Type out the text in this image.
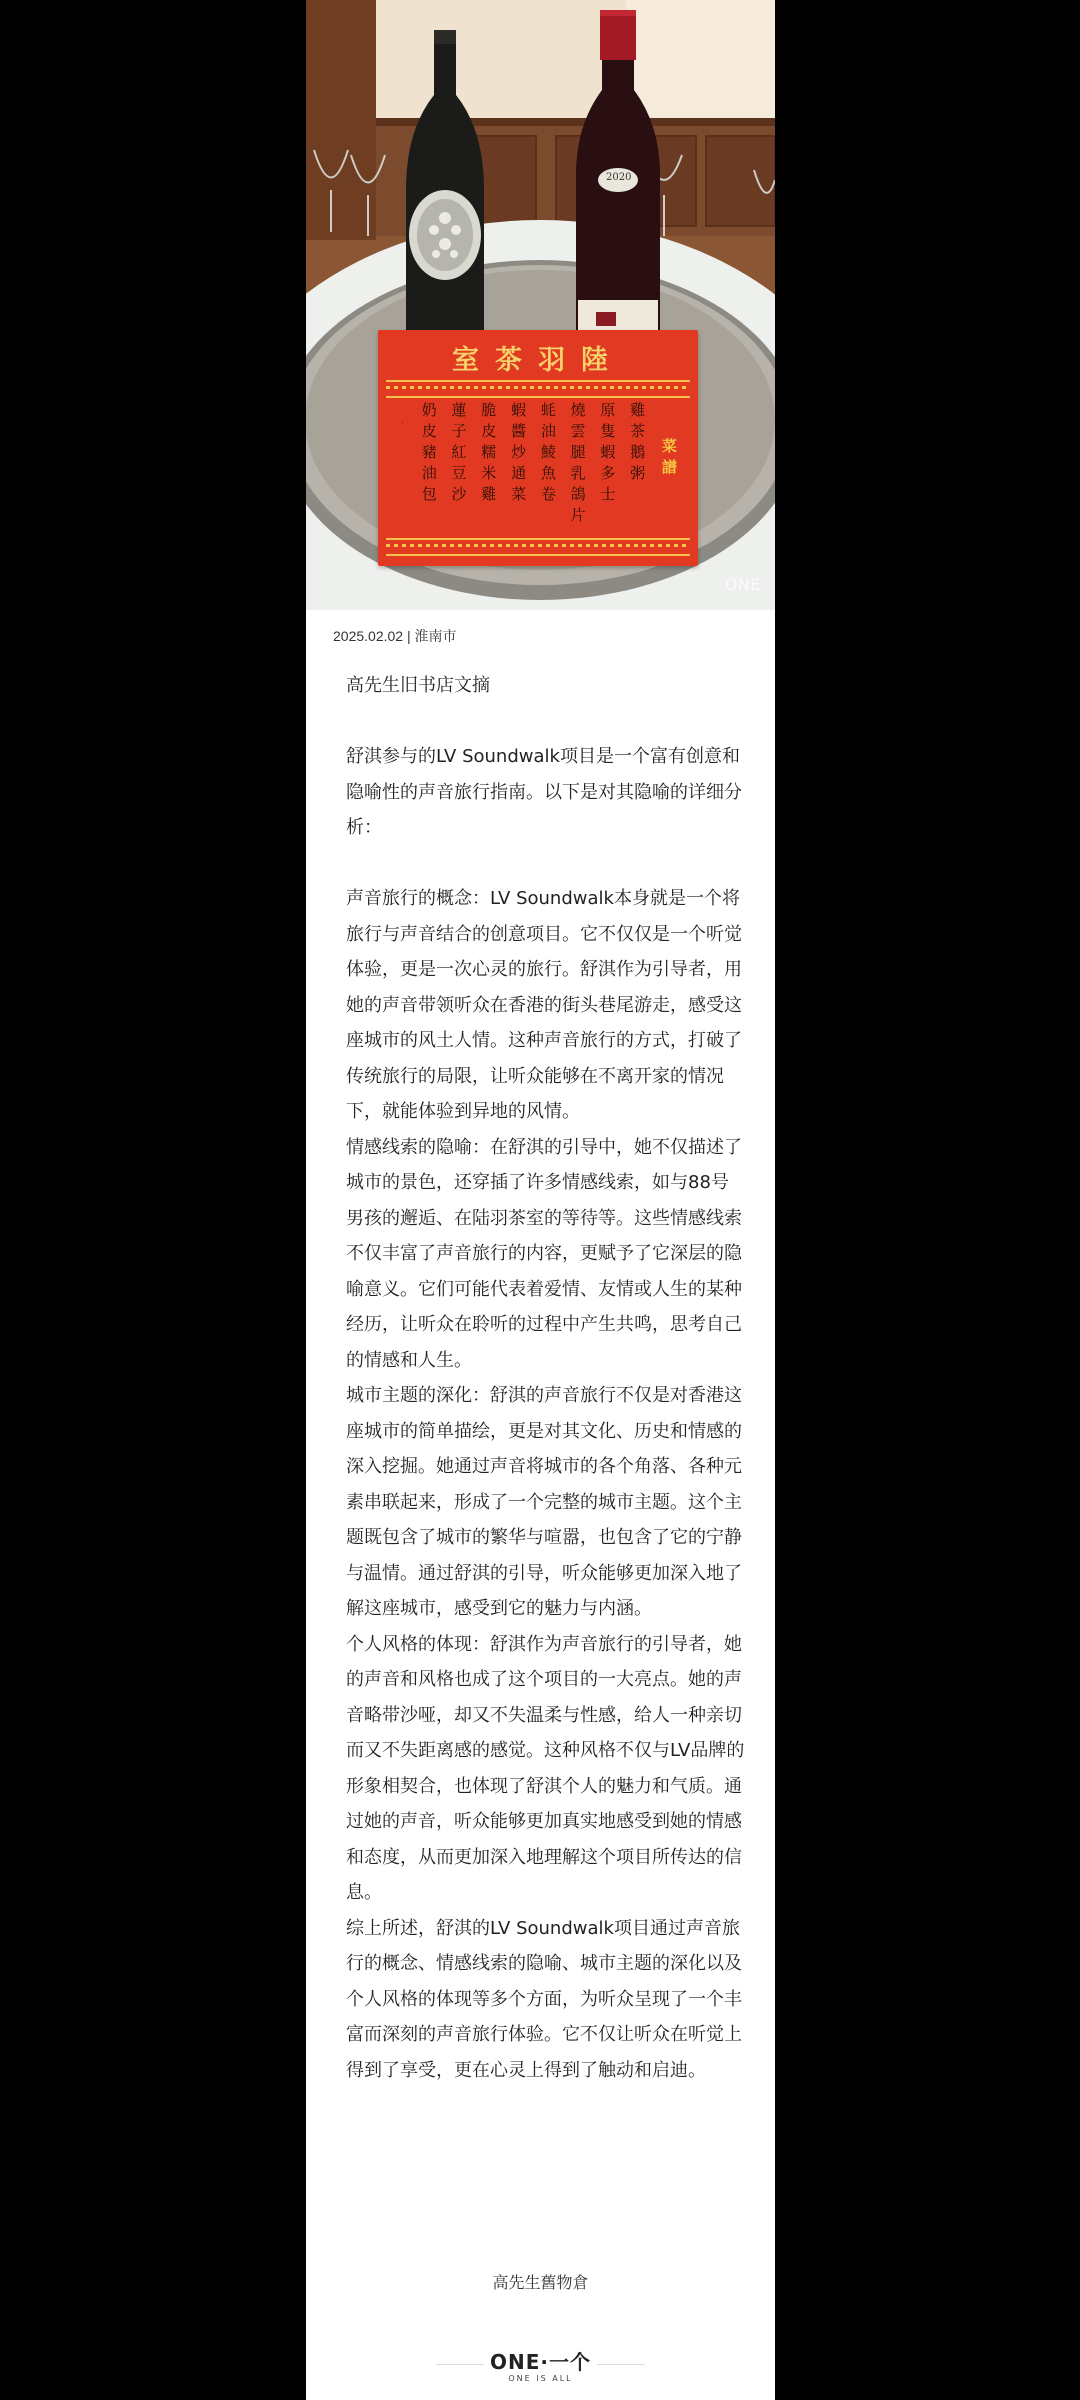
2020
陸羽茶室
菜譜
雞茶鵝粥
原隻蝦多士
燒雲腿乳鴿片
蚝油鯪魚卷
蝦醬炒通菜
脆皮糯米雞
蓮子紅豆沙
奶皮豬油包
·
ONE
2025.02.02 | 淮南市

高先生旧书店文摘

舒淇参与的LV Soundwalk项目是一个富有创意和隐喻性的声音旅行指南。以下是对其隐喻的详细分析：

声音旅行的概念：LV Soundwalk本身就是一个将旅行与声音结合的创意项目。它不仅仅是一个听觉体验，更是一次心灵的旅行。舒淇作为引导者，用她的声音带领听众在香港的街头巷尾游走，感受这座城市的风土人情。这种声音旅行的方式，打破了传统旅行的局限，让听众能够在不离开家的情况下，就能体验到异地的风情。

情感线索的隐喻：在舒淇的引导中，她不仅描述了城市的景色，还穿插了许多情感线索，如与88号男孩的邂逅、在陆羽茶室的等待等。这些情感线索不仅丰富了声音旅行的内容，更赋予了它深层的隐喻意义。它们可能代表着爱情、友情或人生的某种经历，让听众在聆听的过程中产生共鸣，思考自己的情感和人生。

城市主题的深化：舒淇的声音旅行不仅是对香港这座城市的简单描绘，更是对其文化、历史和情感的深入挖掘。她通过声音将城市的各个角落、各种元素串联起来，形成了一个完整的城市主题。这个主题既包含了城市的繁华与喧嚣，也包含了它的宁静与温情。通过舒淇的引导，听众能够更加深入地了解这座城市，感受到它的魅力与内涵。

个人风格的体现：舒淇作为声音旅行的引导者，她的声音和风格也成了这个项目的一大亮点。她的声音略带沙哑，却又不失温柔与性感，给人一种亲切而又不失距离感的感觉。这种风格不仅与LV品牌的形象相契合，也体现了舒淇个人的魅力和气质。通过她的声音，听众能够更加真实地感受到她的情感和态度，从而更加深入地理解这个项目所传达的信息。

综上所述，舒淇的LV Soundwalk项目通过声音旅行的概念、情感线索的隐喻、城市主题的深化以及个人风格的体现等多个方面，为听众呈现了一个丰富而深刻的声音旅行体验。它不仅让听众在听觉上得到了享受，更在心灵上得到了触动和启迪。

高先生舊物倉
ONE·一个
ONE IS ALL
